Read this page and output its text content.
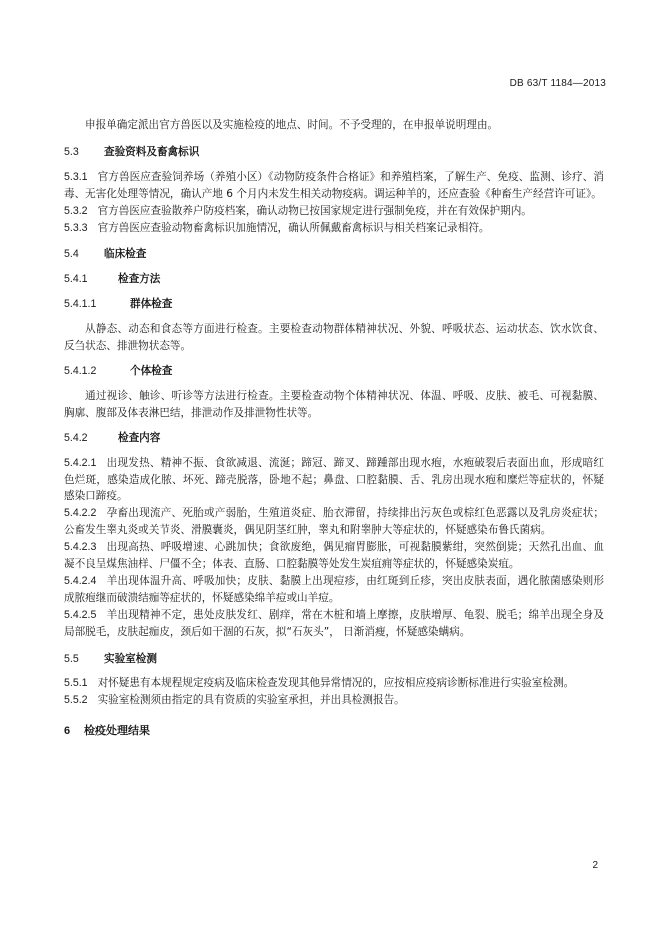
DB 63/T 1184—2013

申报单确定派出官方兽医以及实施检疫的地点、时间。不予受理的，在申报单说明理由。

5.3 查验资料及畜禽标识

5.3.1 官方兽医应查验饲养场（养殖小区）《动物防疫条件合格证》和养殖档案，了解生产、免疫、监测、诊疗、消毒、无害化处理等情况，确认产地 6 个月内未发生相关动物疫病。调运种羊的，还应查验《种畜生产经营许可证》。

5.3.2 官方兽医应查验散养户防疫档案，确认动物已按国家规定进行强制免疫，并在有效保护期内。

5.3.3 官方兽医应查验动物畜禽标识加施情况，确认所佩戴畜禽标识与相关档案记录相符。

5.4 临床检查

5.4.1	检查方法

5.4.1.1	群体检查

从静态、动态和食态等方面进行检查。主要检查动物群体精神状况、外貌、呼吸状态、运动状态、饮水饮食、反刍状态、排泄物状态等。

5.4.1.2	个体检查

通过视诊、触诊、听诊等方法进行检查。主要检查动物个体精神状况、体温、呼吸、皮肤、被毛、可视黏膜、胸廓、腹部及体表淋巴结，排泄动作及排泄物性状等。

5.4.2	检查内容

5.4.2.1 出现发热、精神不振、食欲减退、流涎；蹄冠、蹄叉、蹄踵部出现水疱，水疱破裂后表面出血，形成暗红色烂斑，感染造成化脓、坏死、蹄壳脱落，卧地不起；鼻盘、口腔黏膜、舌、乳房出现水疱和糜烂等症状的，怀疑感染口蹄疫。

5.4.2.2 孕畜出现流产、死胎或产弱胎，生殖道炎症、胎衣滞留，持续排出污灰色或棕红色恶露以及乳房炎症状；公畜发生睾丸炎或关节炎、滑膜囊炎，偶见阴茎红肿，睾丸和附睾肿大等症状的，怀疑感染布鲁氏菌病。

5.4.2.3 出现高热、呼吸增速、心跳加快；食欲废绝，偶见瘤胃膨胀，可视黏膜紫绀，突然倒毙；天然孔出血、血凝不良呈煤焦油样、尸僵不全；体表、直肠、口腔黏膜等处发生炭疽痈等症状的，怀疑感染炭疽。

5.4.2.4 羊出现体温升高、呼吸加快；皮肤、黏膜上出现痘疹，由红斑到丘疹，突出皮肤表面，遇化脓菌感染则形成脓疱继而破溃结痂等症状的，怀疑感染绵羊痘或山羊痘。

5.4.2.5 羊出现精神不定，患处皮肤发红、剧痒，常在木桩和墙上摩擦，皮肤增厚、龟裂、脱毛；绵羊出现全身及局部脱毛，皮肤起痂皮，颈后如干涸的石灰，拟“石灰头”， 日渐消瘦，怀疑感染螨病。

5.5 实验室检测

5.5.1 对怀疑患有本规程规定疫病及临床检查发现其他异常情况的，应按相应疫病诊断标准进行实验室检测。

5.5.2 实验室检测须由指定的具有资质的实验室承担，并出具检测报告。

6 检疫处理结果

2
